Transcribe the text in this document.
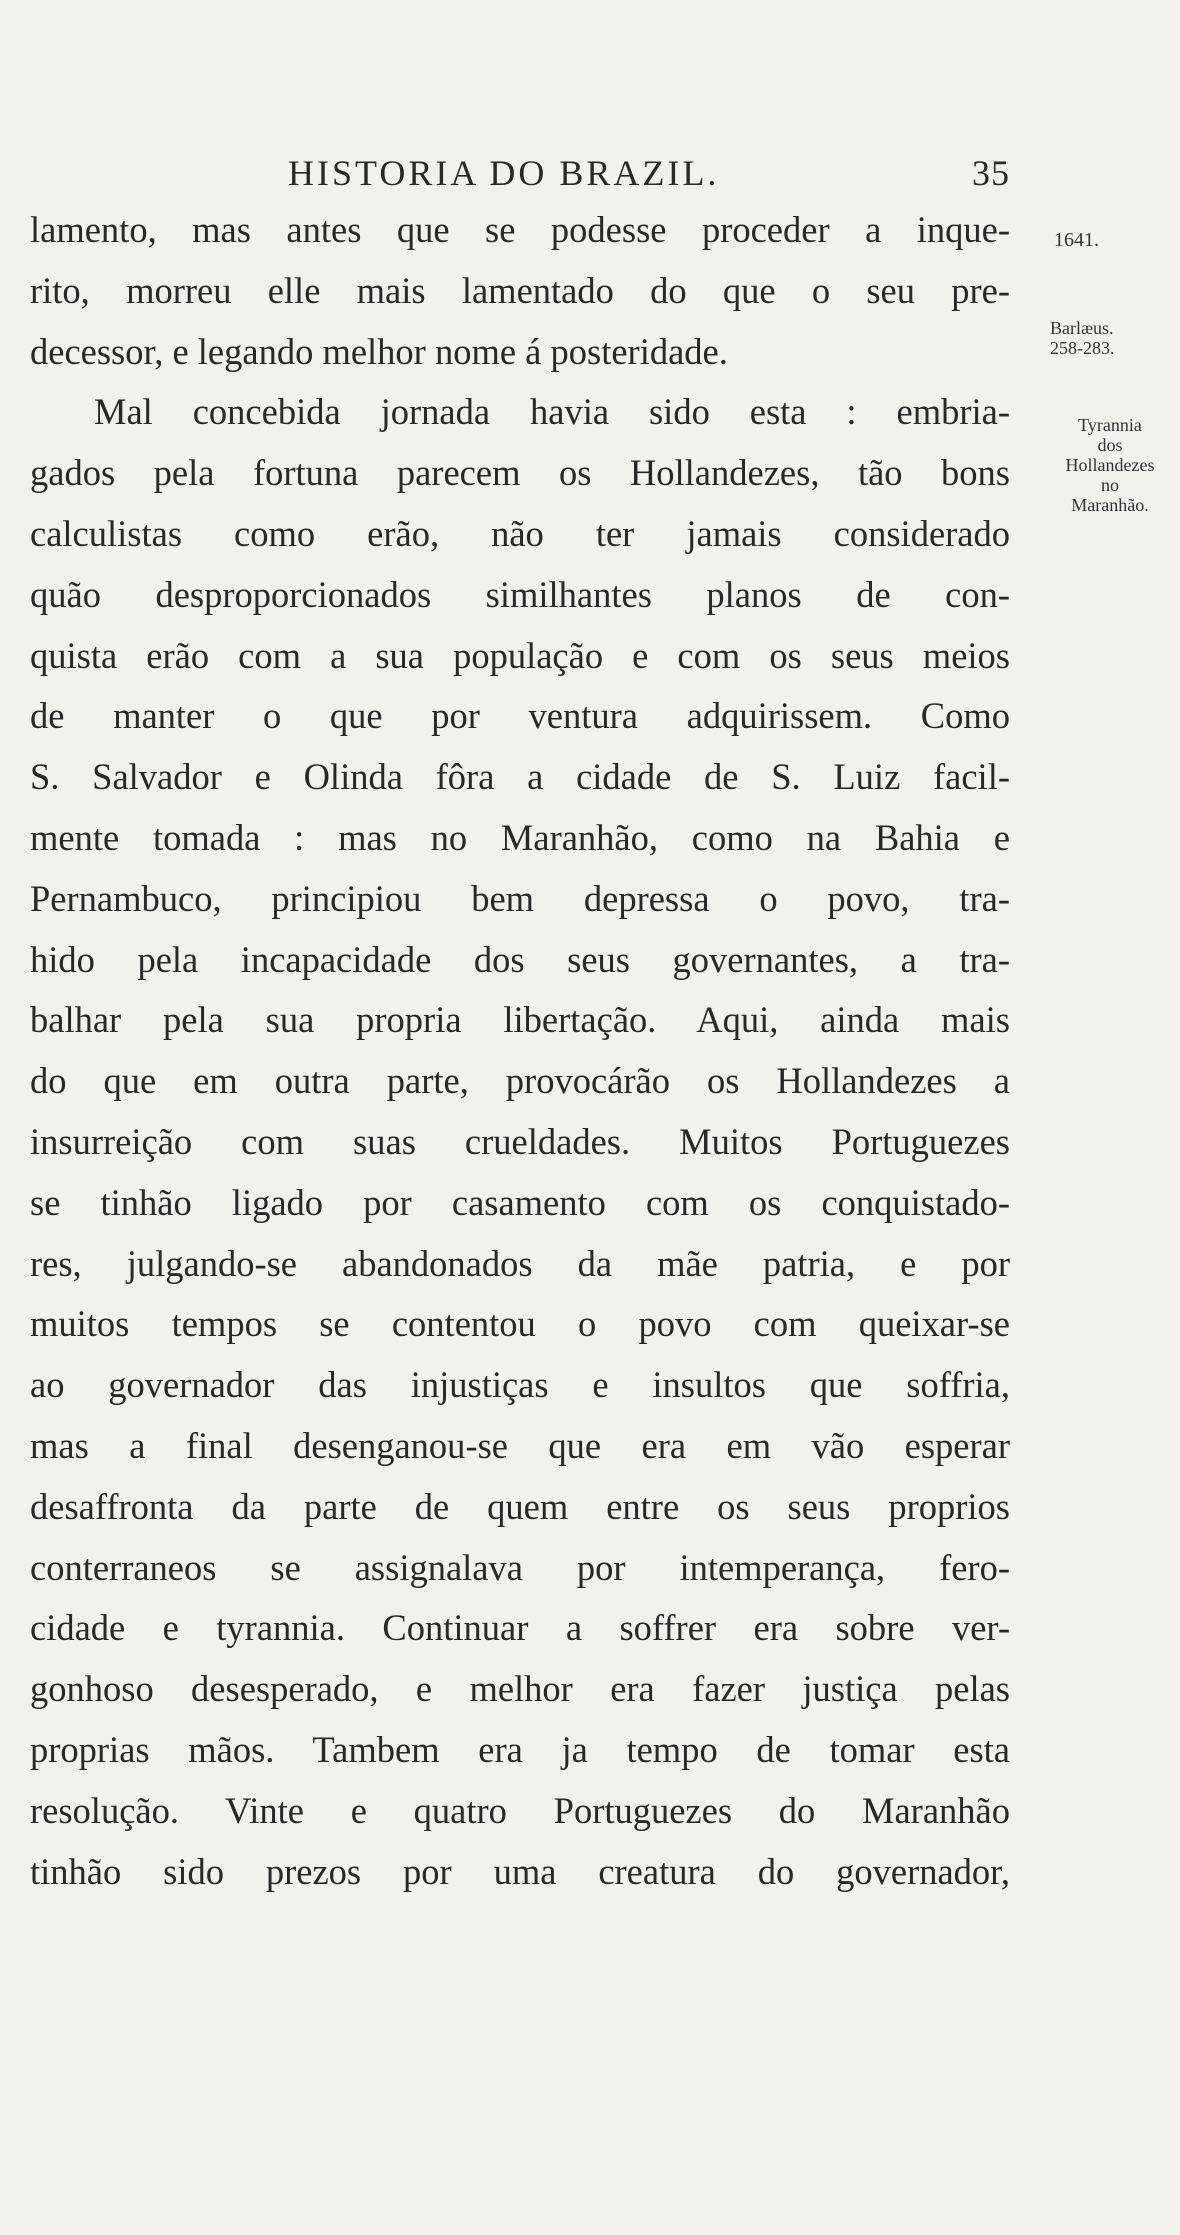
HISTORIA DO BRAZIL.	35
lamento, mas antes que se podesse proceder a inque-
rito, morreu elle mais lamentado do que o seu pre-
decessor, e legando melhor nome á posteridade.
Mal concebida jornada havia sido esta : embria-
gados pela fortuna parecem os Hollandezes, tão bons
calculistas como erão, não ter jamais considerado
quão desproporcionados similhantes planos de con-
quista erão com a sua população e com os seus meios
de manter o que por ventura adquirissem. Como
S. Salvador e Olinda fôra a cidade de S. Luiz facil-
mente tomada : mas no Maranhão, como na Bahia e
Pernambuco, principiou bem depressa o povo, tra-
hido pela incapacidade dos seus governantes, a tra-
balhar pela sua propria libertação. Aqui, ainda mais
do que em outra parte, provocárão os Hollandezes a
insurreição com suas crueldades. Muitos Portuguezes
se tinhão ligado por casamento com os conquistado-
res, julgando-se abandonados da mãe patria, e por
muitos tempos se contentou o povo com queixar-se
ao governador das injustiças e insultos que soffria,
mas a final desenganou-se que era em vão esperar
desaffronta da parte de quem entre os seus proprios
conterraneos se assignalava por intemperança, fero-
cidade e tyrannia. Continuar a soffrer era sobre ver-
gonhoso desesperado, e melhor era fazer justiça pelas
proprias mãos. Tambem era ja tempo de tomar esta
resolução. Vinte e quatro Portuguezes do Maranhão
tinhão sido prezos por uma creatura do governador,
1641.
Barlæus.
258-283.
Tyrannia
dos
Hollandezes
no
Maranhão.
